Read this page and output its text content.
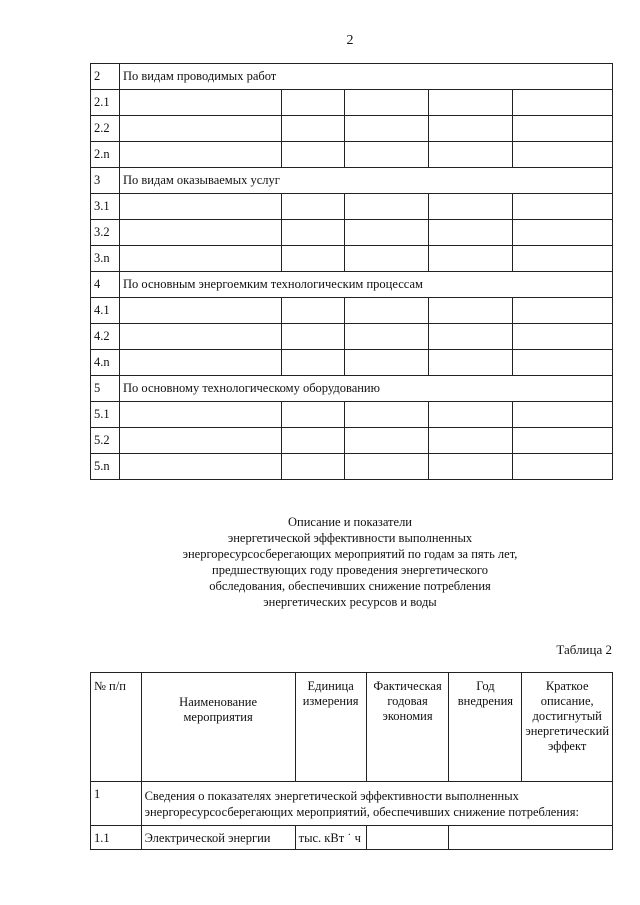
2
2	По видам проводимых работ				
2.1					
2.2					
2.n					
3	По видам оказываемых услуг				
3.1					
3.2					
3.n					
4	По основным энергоемким технологическим процессам				
4.1					
4.2					
4.n					
5	По основному технологическому оборудованию				
5.1					
5.2					
5.n					
Описание и показатели
энергетической эффективности выполненных
энергоресурсосберегающих мероприятий по годам за пять лет,
предшествующих году проведения энергетического
обследования, обеспечивших снижение потребления
энергетических ресурсов и воды
Таблица 2
№ п/п	Наименование мероприятия	Единица измерения	Фактическая годовая экономия	Год внедрения	Краткое описание, достигнутый энергетический эффект
1	Сведения о показателях энергетической эффективности выполненных энергоресурсосберегающих мероприятий, обеспечивших снижение потребления:				
1.1	Электрической энергии	тыс. кВт ˙ ч			
